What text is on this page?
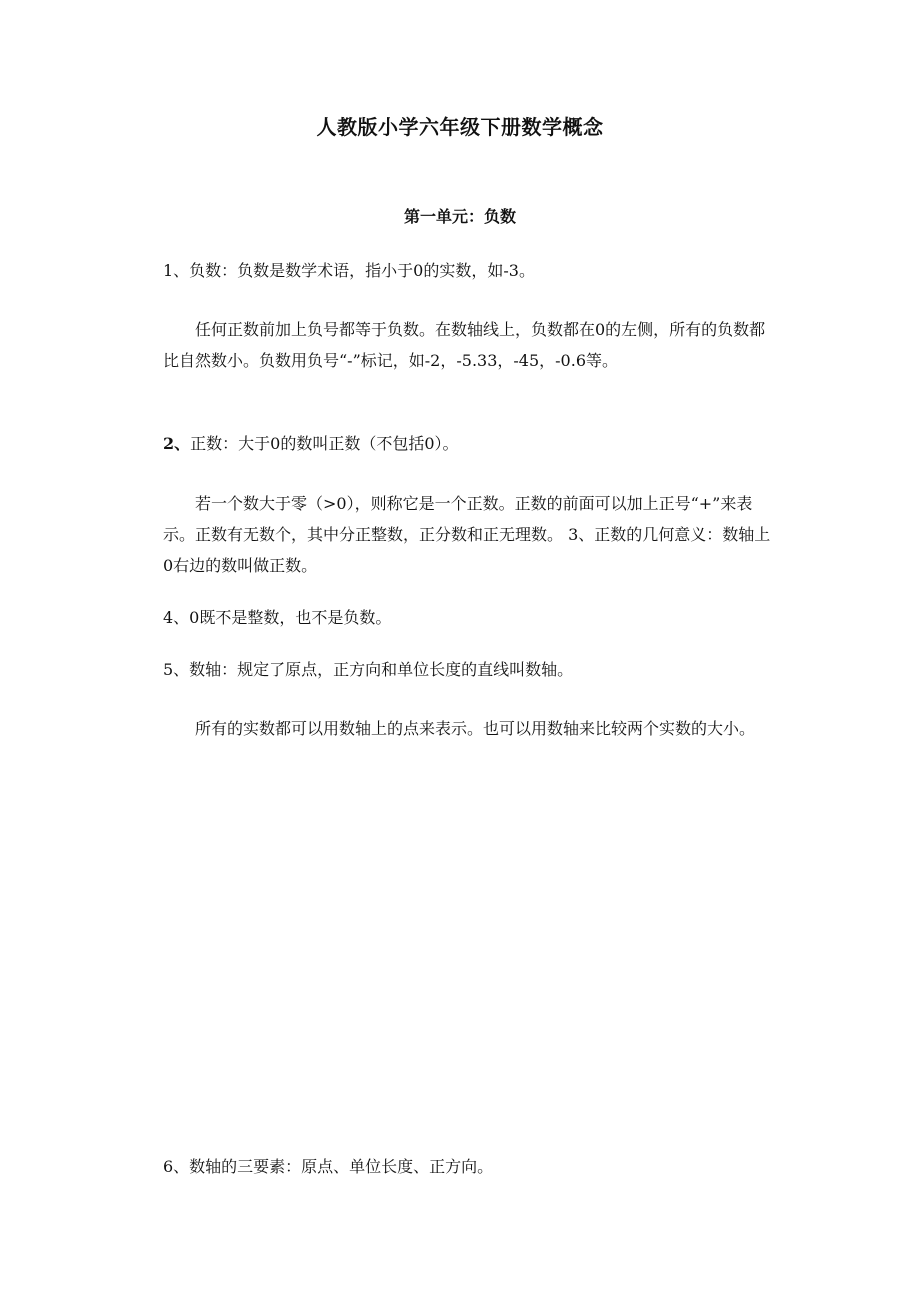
人教版小学六年级下册数学概念
第一单元：负数
1、负数：负数是数学术语，指小于0的实数，如-3。
任何正数前加上负号都等于负数。在数轴线上，负数都在0的左侧，所有的负数都比自然数小。负数用负号“-”标记，如-2，-5.33，-45，-0.6等。
2、正数：大于0的数叫正数（不包括0）。
若一个数大于零（>0），则称它是一个正数。正数的前面可以加上正号“+”来表示。正数有无数个，其中分正整数，正分数和正无理数。 3、正数的几何意义：数轴上0右边的数叫做正数。
4、0既不是整数，也不是负数。
5、数轴：规定了原点，正方向和单位长度的直线叫数轴。
所有的实数都可以用数轴上的点来表示。也可以用数轴来比较两个实数的大小。
6、数轴的三要素：原点、单位长度、正方向。
